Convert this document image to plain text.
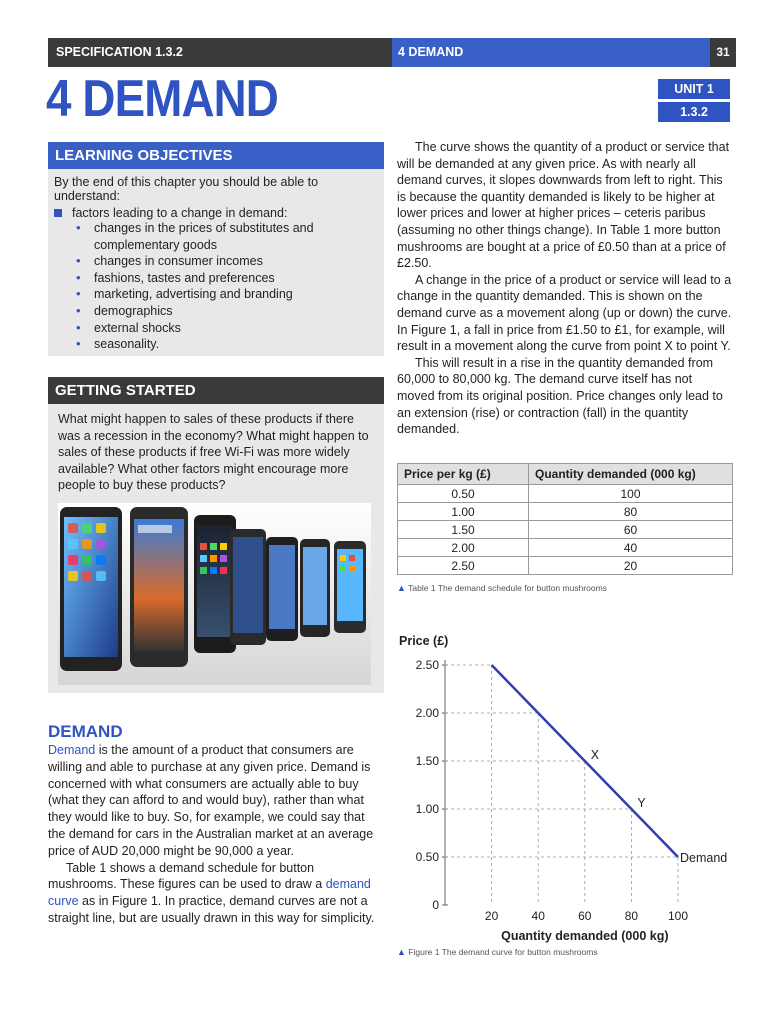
SPECIFICATION 1.3.2	4 DEMAND	31
4 DEMAND	UNIT 1
1.3.2
LEARNING OBJECTIVES
By the end of this chapter you should be able to understand:
factors leading to a change in demand:
• changes in the prices of substitutes and complementary goods
• changes in consumer incomes
• fashions, tastes and preferences
• marketing, advertising and branding
• demographics
• external shocks
• seasonality.
GETTING STARTED
What might happen to sales of these products if there was a recession in the economy? What might happen to sales of these products if free Wi-Fi was more widely available? What other factors might encourage more people to buy these products?
DEMAND
Demand is the amount of a product that consumers are willing and able to purchase at any given price. Demand is concerned with what consumers are actually able to buy (what they can afford to and would buy), rather than what they would like to buy. So, for example, we could say that the demand for cars in the Australian market at an average price of AUD 20,000 might be 90,000 a year.
Table 1 shows a demand schedule for button mushrooms. These figures can be used to draw a demand curve as in Figure 1. In practice, demand curves are not a straight line, but are usually drawn in this way for simplicity.

The curve shows the quantity of a product or service that will be demanded at any given price. As with nearly all demand curves, it slopes downwards from left to right. This is because the quantity demanded is likely to be higher at lower prices and lower at higher prices – ceteris paribus (assuming no other things change). In Table 1 more button mushrooms are bought at a price of £0.50 than at a price of £2.50.

A change in the price of a product or service will lead to a change in the quantity demanded. This is shown on the demand curve as a movement along (up or down) the curve. In Figure 1, a fall in price from £1.50 to £1, for example, will result in a movement along the curve from point X to point Y.

This will result in a rise in the quantity demanded from 60,000 to 80,000 kg. The demand curve itself has not moved from its original position. Price changes only lead to an extension (rise) or contraction (fall) in the quantity demanded.

Price per kg (£)	Quantity demanded (000 kg)
0.50	100
1.00	80
1.50	60
2.00	40
2.50	20
▲ Table 1 The demand schedule for button mushrooms
Price (£)
0
0.50
1.00
1.50
2.00
2.50
20	40	60	80 100
Quantity demanded (000 kg)
Demand
X
Y
▲ Figure 1 The demand curve for button mushrooms
